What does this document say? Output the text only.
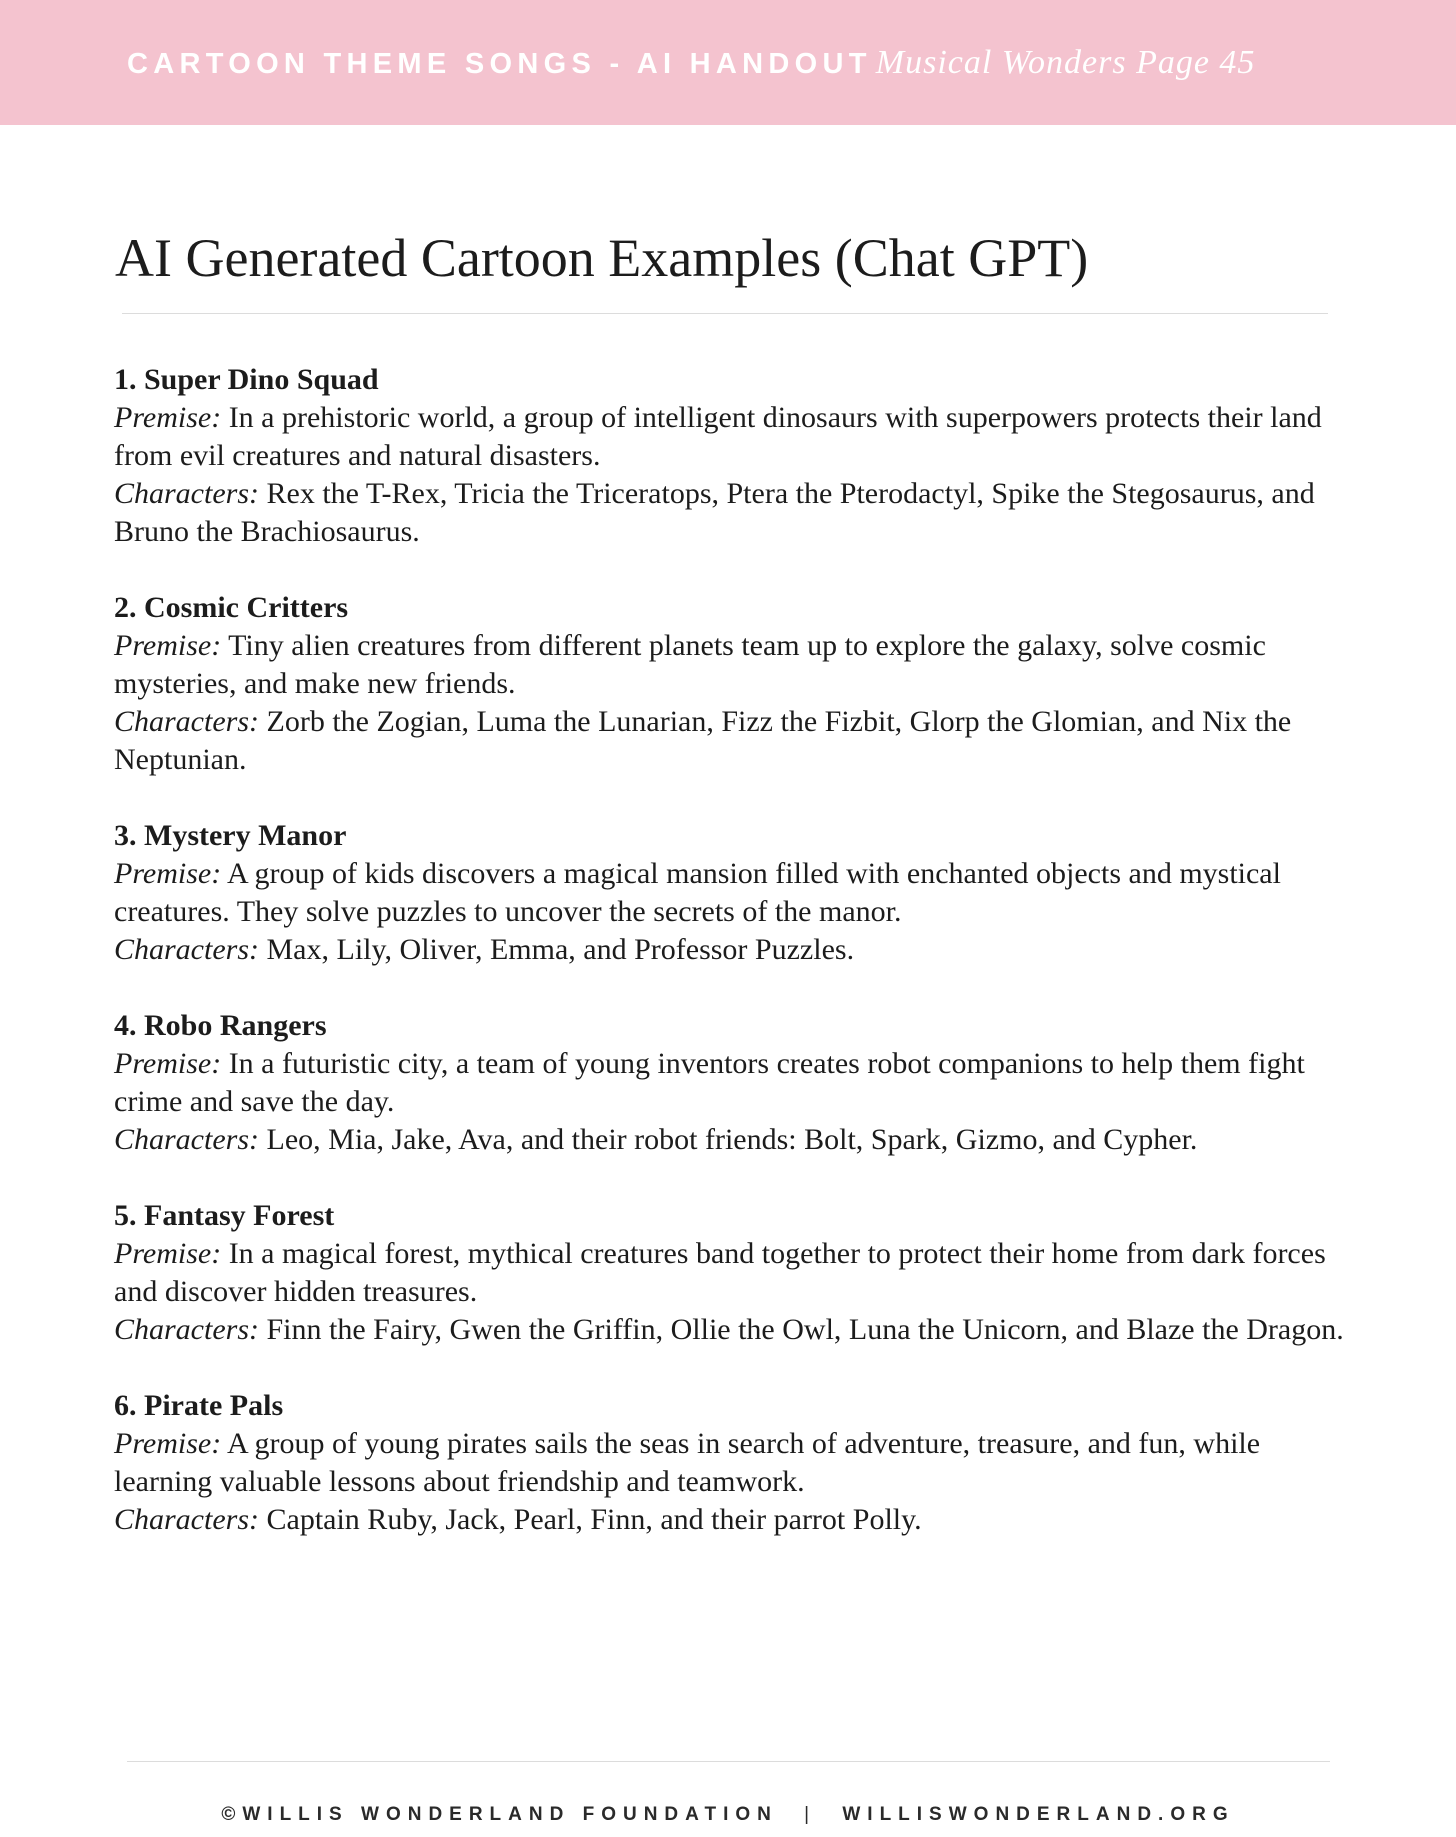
CARTOON THEME SONGS - AI HANDOUT Musical Wonders Page 45
AI Generated Cartoon Examples (Chat GPT)
1. Super Dino Squad
Premise: In a prehistoric world, a group of intelligent dinosaurs with superpowers protects their land from evil creatures and natural disasters.
Characters: Rex the T-Rex, Tricia the Triceratops, Ptera the Pterodactyl, Spike the Stegosaurus, and Bruno the Brachiosaurus.
2. Cosmic Critters
Premise: Tiny alien creatures from different planets team up to explore the galaxy, solve cosmic mysteries, and make new friends.
Characters: Zorb the Zogian, Luma the Lunarian, Fizz the Fizbit, Glorp the Glomian, and Nix the Neptunian.
3. Mystery Manor
Premise: A group of kids discovers a magical mansion filled with enchanted objects and mystical creatures. They solve puzzles to uncover the secrets of the manor.
Characters: Max, Lily, Oliver, Emma, and Professor Puzzles.
4. Robo Rangers
Premise: In a futuristic city, a team of young inventors creates robot companions to help them fight crime and save the day.
Characters: Leo, Mia, Jake, Ava, and their robot friends: Bolt, Spark, Gizmo, and Cypher.
5. Fantasy Forest
Premise: In a magical forest, mythical creatures band together to protect their home from dark forces and discover hidden treasures.
Characters: Finn the Fairy, Gwen the Griffin, Ollie the Owl, Luna the Unicorn, and Blaze the Dragon.
6. Pirate Pals
Premise: A group of young pirates sails the seas in search of adventure, treasure, and fun, while learning valuable lessons about friendship and teamwork.
Characters: Captain Ruby, Jack, Pearl, Finn, and their parrot Polly.
©WILLIS WONDERLAND FOUNDATION | WILLISWONDERLAND.ORG
